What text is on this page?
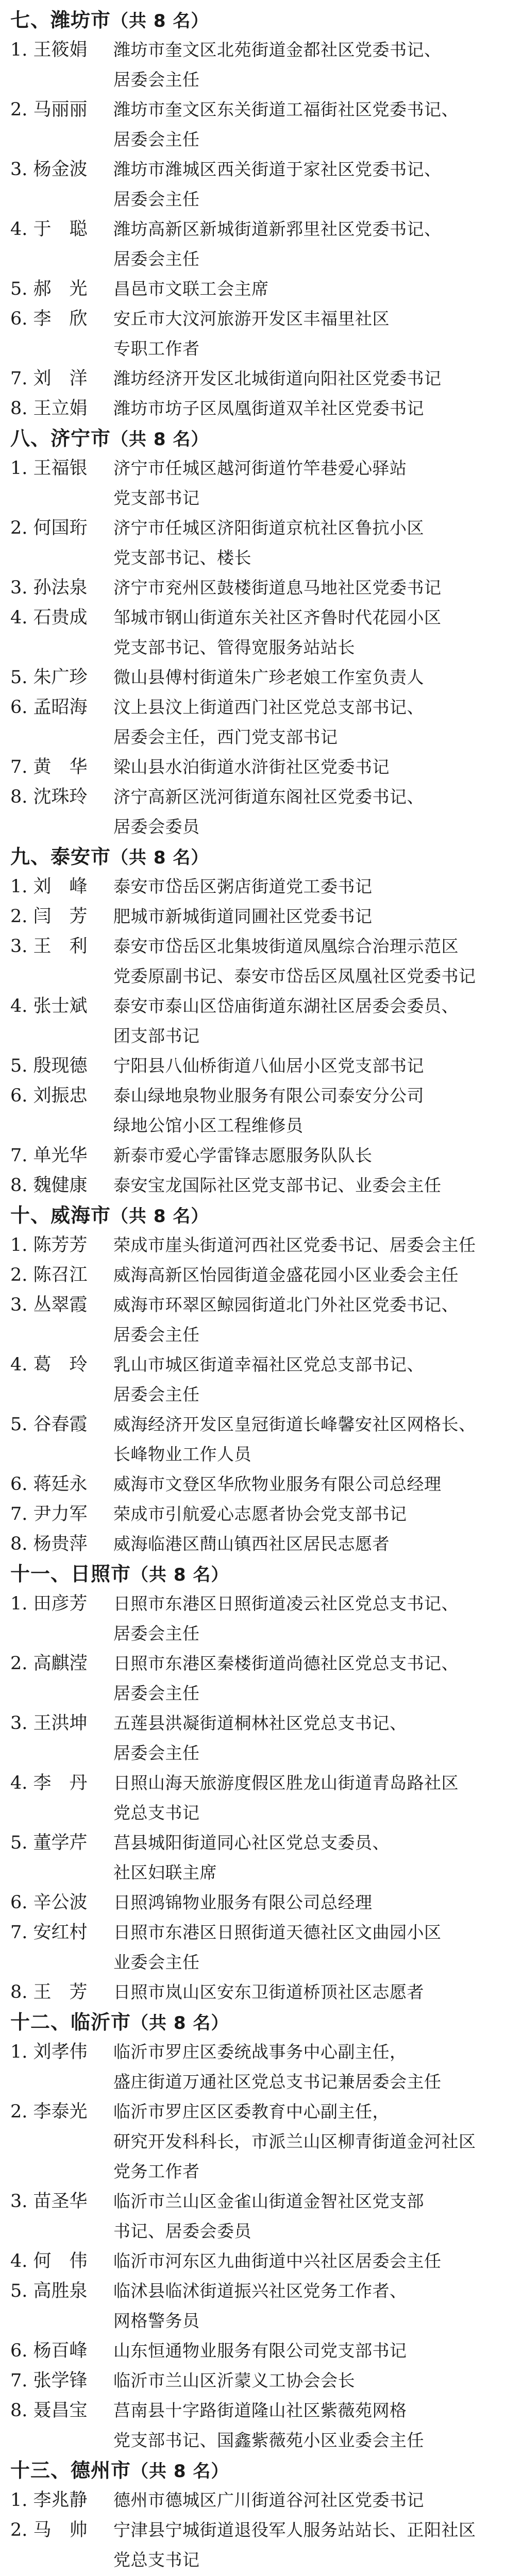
七、潍坊市（共 8 名）
1. 王筱娟	潍坊市奎文区北苑街道金都社区党委书记、
居委会主任
2. 马丽丽	潍坊市奎文区东关街道工福街社区党委书记、
居委会主任
3. 杨金波	潍坊市潍城区西关街道于家社区党委书记、
居委会主任
4. 于　聪	潍坊高新区新城街道新郛里社区党委书记、
居委会主任
5. 郝　光	昌邑市文联工会主席
6. 李　欣	安丘市大汶河旅游开发区丰福里社区
专职工作者
7. 刘　洋	潍坊经济开发区北城街道向阳社区党委书记
8. 王立娟	潍坊市坊子区凤凰街道双羊社区党委书记
八、济宁市（共 8 名）
1. 王福银	济宁市任城区越河街道竹竿巷爱心驿站
党支部书记
2. 何国珩	济宁市任城区济阳街道京杭社区鲁抗小区
党支部书记、楼长
3. 孙法泉	济宁市兖州区鼓楼街道息马地社区党委书记
4. 石贵成	邹城市钢山街道东关社区齐鲁时代花园小区
党支部书记、管得宽服务站站长
5. 朱广珍	微山县傅村街道朱广珍老娘工作室负责人
6. 孟昭海	汶上县汶上街道西门社区党总支部书记、
居委会主任，西门党支部书记
7. 黄　华	梁山县水泊街道水浒街社区党委书记
8. 沈珠玲	济宁高新区洸河街道东阁社区党委书记、
居委会委员
九、泰安市（共 8 名）
1. 刘　峰	泰安市岱岳区粥店街道党工委书记
2. 闫　芳	肥城市新城街道同圃社区党委书记
3. 王　利	泰安市岱岳区北集坡街道凤凰综合治理示范区
党委原副书记、泰安市岱岳区凤凰社区党委书记
4. 张士斌	泰安市泰山区岱庙街道东湖社区居委会委员、
团支部书记
5. 殷现德	宁阳县八仙桥街道八仙居小区党支部书记
6. 刘振忠	泰山绿地泉物业服务有限公司泰安分公司
绿地公馆小区工程维修员
7. 单光华	新泰市爱心学雷锋志愿服务队队长
8. 魏健康	泰安宝龙国际社区党支部书记、业委会主任
十、威海市（共 8 名）
1. 陈芳芳	荣成市崖头街道河西社区党委书记、居委会主任
2. 陈召江	威海高新区怡园街道金盛花园小区业委会主任
3. 丛翠霞	威海市环翠区鲸园街道北门外社区党委书记、
居委会主任
4. 葛　玲	乳山市城区街道幸福社区党总支部书记、
居委会主任
5. 谷春霞	威海经济开发区皇冠街道长峰馨安社区网格长、
长峰物业工作人员
6. 蒋廷永	威海市文登区华欣物业服务有限公司总经理
7. 尹力军	荣成市引航爱心志愿者协会党支部书记
8. 杨贵萍	威海临港区蔄山镇西社区居民志愿者
十一、日照市（共 8 名）
1. 田彦芳	日照市东港区日照街道凌云社区党总支书记、
居委会主任
2. 高麒滢	日照市东港区秦楼街道尚德社区党总支书记、
居委会主任
3. 王洪坤	五莲县洪凝街道桐林社区党总支书记、
居委会主任
4. 李　丹	日照山海天旅游度假区胜龙山街道青岛路社区
党总支书记
5. 董学芹	莒县城阳街道同心社区党总支委员、
社区妇联主席
6. 辛公波	日照鸿锦物业服务有限公司总经理
7. 安红村	日照市东港区日照街道天德社区文曲园小区
业委会主任
8. 王　芳	日照市岚山区安东卫街道桥顶社区志愿者
十二、临沂市（共 8 名）
1. 刘孝伟	临沂市罗庄区委统战事务中心副主任，
盛庄街道万通社区党总支书记兼居委会主任
2. 李泰光	临沂市罗庄区区委教育中心副主任，
研究开发科科长，市派兰山区柳青街道金河社区
党务工作者
3. 苗圣华	临沂市兰山区金雀山街道金智社区党支部
书记、居委会委员
4. 何　伟	临沂市河东区九曲街道中兴社区居委会主任
5. 高胜泉	临沭县临沭街道振兴社区党务工作者、
网格警务员
6. 杨百峰	山东恒通物业服务有限公司党支部书记
7. 张学锋	临沂市兰山区沂蒙义工协会会长
8. 聂昌宝	莒南县十字路街道隆山社区紫薇苑网格
党支部书记、国鑫紫薇苑小区业委会主任
十三、德州市（共 8 名）
1. 李兆静	德州市德城区广川街道谷河社区党委书记
2. 马　帅	宁津县宁城街道退役军人服务站站长、正阳社区
党总支书记
